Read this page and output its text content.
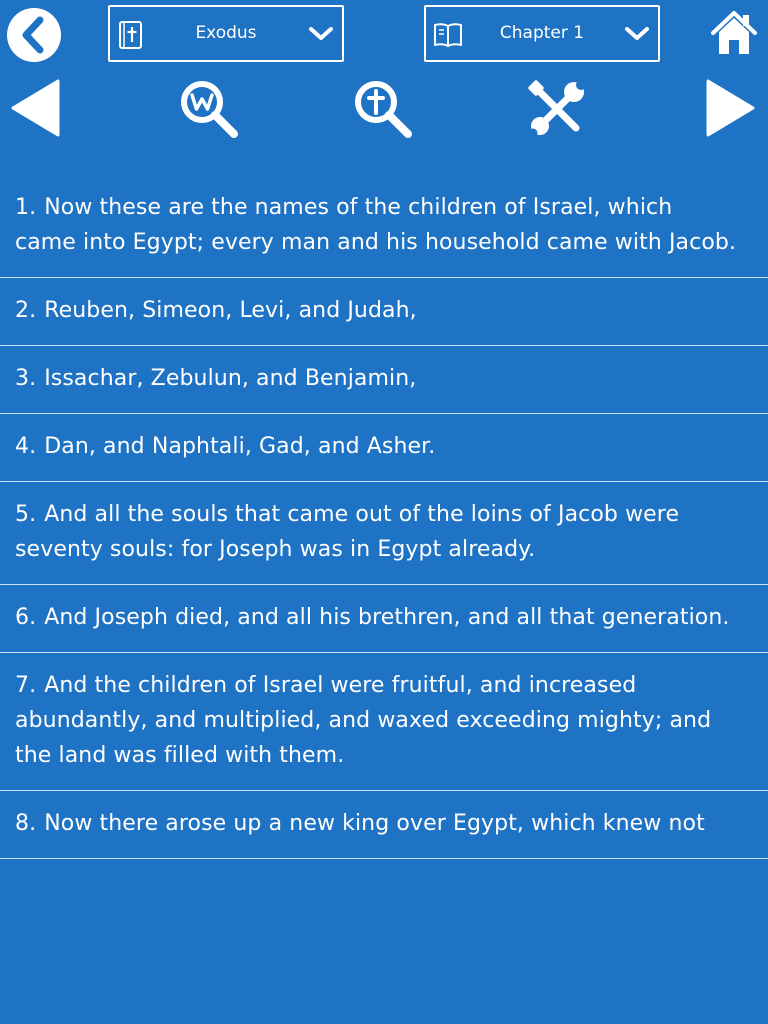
Exodus	Chapter 1
1. Now these are the names of the children of Israel, which came into Egypt; every man and his household came with Jacob.
2. Reuben, Simeon, Levi, and Judah,
3. Issachar, Zebulun, and Benjamin,
4. Dan, and Naphtali, Gad, and Asher.
5. And all the souls that came out of the loins of Jacob were seventy souls: for Joseph was in Egypt already.
6. And Joseph died, and all his brethren, and all that generation.
7. And the children of Israel were fruitful, and increased abundantly, and multiplied, and waxed exceeding mighty; and the land was filled with them.
8. Now there arose up a new king over Egypt, which knew not
